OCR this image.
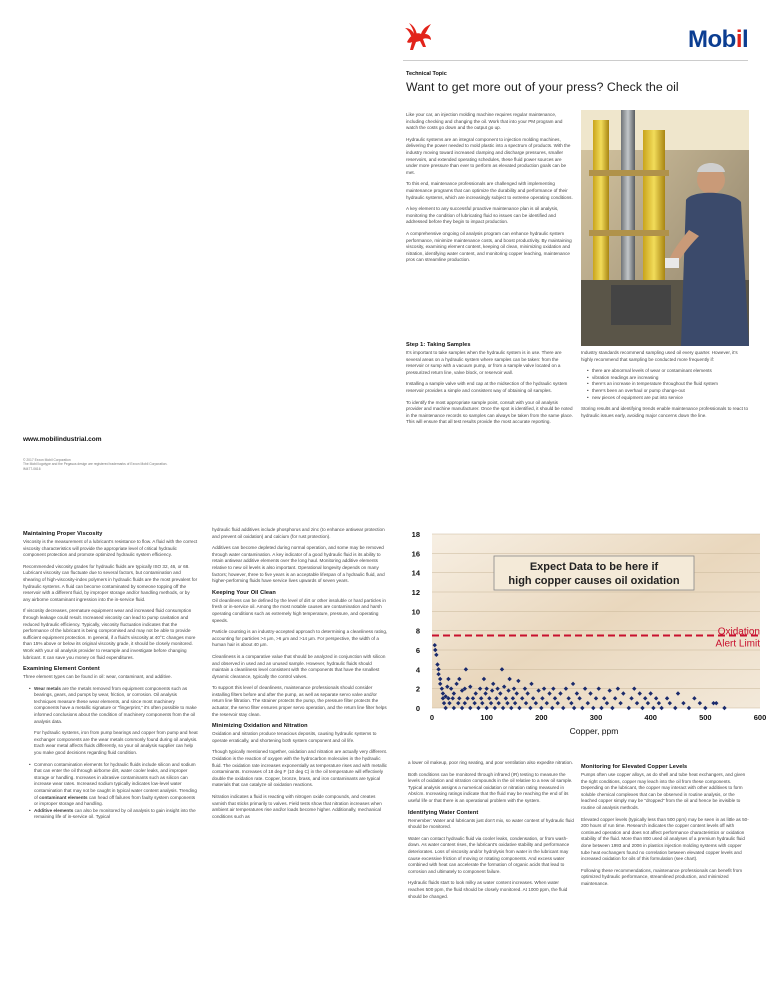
Mobil
Technical Topic
Want to get more out of your press? Check the oil

Like your car, an injection molding machine requires regular maintenance, including checking and changing the oil. Work that into your PM program and watch the costs go down and the output go up.

Hydraulic systems are an integral component to injection molding machines, delivering the power needed to mold plastic into a spectrum of products. With the industry moving toward increased clamping and discharge pressures, smaller reservoirs, and extended operating schedules, these fluid power sources are under more pressure than ever to perform as elevated production goals can be met.

To this end, maintenance professionals are challenged with implementing maintenance programs that can optimize the durability and performance of their hydraulic systems, which are increasingly subject to extreme operating conditions.

A key element to any successful proactive maintenance plan is oil analysis, monitoring the condition of lubricating fluid so issues can be identified and addressed before they begin to impact production.

A comprehensive ongoing oil analysis program can enhance hydraulic system performance, minimize maintenance costs, and boost productivity. By maintaining viscosity, examining element content, keeping oil clean, minimizing oxidation and nitration, identifying water content, and monitoring copper leaching, maintenance pros can streamline production.

Step 1: Taking Samples

It's important to take samples when the hydraulic system is in use. There are several areas on a hydraulic system where samples can be taken: from the reservoir or sump with a vacuum pump, or from a sample valve located on a pressurized return line, valve block, or reservoir wall.

Installing a sample valve with end cap at the midsection of the hydraulic system reservoir provides a simple and consistent way of obtaining oil samples.

To identify the most appropriate sample point, consult with your oil analysis provider and machine manufacturer. Once the spot is identified, it should be noted in the maintenance records so samples can always be taken from the same place. This will ensure that all test results provide the most accurate reporting.

Industry standards recommend sampling used oil every quarter. However, it's highly recommend that sampling be conducted more frequently if:

• there are abnormal levels of wear or contaminant elements
• vibration readings are increasing
• there's an increase in temperature throughout the fluid system
• there's been an overhaul or pump change-out
• new pieces of equipment are put into service

Storing results and identifying trends enable maintenance professionals to react to hydraulic issues early, avoiding major concerns down the line.

www.mobilindustrial.com
© 2017 Exxon Mobil Corporation
The Mobil logotype and the Pegasus design are registered trademarks of Exxon Mobil Corporation.
IM477-0616
Maintaining Proper Viscosity

Viscosity is the measurement of a lubricant's resistance to flow. A fluid with the correct viscosity characteristics will provide the appropriate level of critical hydraulic component protection and promote optimized hydraulic system efficiency.

Recommended viscosity grades for hydraulic fluids are typically ISO 32, 46, or 68. Lubricant viscosity can fluctuate due to several factors, but contamination and shearing of high-viscosity-index polymers in hydraulic fluids are the most prevalent for hydraulic systems. A fluid can become contaminated by someone topping off the reservoir with a different fluid, by improper storage and/or handling methods, or by any airborne contaminant ingression into the in-service fluid.

If viscosity decreases, premature equipment wear and increased fluid consumption through leakage could result. Increased viscosity can lead to pump cavitation and reduced hydraulic efficiency. Typically, viscosity fluctuation indicates that the performance of the lubricant is being compromised and may not be able to provide sufficient equipment protection. In general, if a fluid's viscosity at 40°C changes more than 15% above or below its original viscosity grade, it should be closely monitored. Work with your oil analysis provider to resample and investigate before changing lubricant. It can save you money on fluid expenditures.

Examining Element Content

Three element types can be found in oil: wear, contaminant, and additive.

• Wear metals are the metals removed from equipment components such as bearings, gears, and pumps by wear, friction, or corrosion. Oil analysis techniques measure these wear elements, and since most machinery components have a metallic signature or "fingerprint," it's often possible to make informed conclusions about the condition of machinery components from the oil analysis data.

For hydraulic systems, iron from pump bearings and copper from pump and heat exchanger components are the wear metals commonly found during oil analysis. Each wear metal affects fluids differently, so your oil analysis supplier can help you make good decisions regarding fluid condition.

• Common contamination elements for hydraulic fluids include silicon and sodium that can enter the oil through airborne dirt, water cooler leaks, and improper storage or handling. Increases in abrasive contaminants such as silicon can increase wear rates. Increased sodium typically indicates low-level water contamination that may not be caught in typical water content analysis. Trending of contaminant elements can head off failures from faulty system components or improper storage and handling.
• Additive elements can also be monitored by oil analysis to gain insight into the remaining life of in-service oil. Typical

hydraulic fluid additives include phosphorus and zinc (to enhance antiwear protection and prevent oil oxidation) and calcium (for rust protection).

Additives can become depleted during normal operation, and some may be removed through water contamination. A key indicator of a good hydraulic fluid is its ability to retain antiwear additive elements over the long haul. Monitoring additive elements relative to new oil levels is also important. Operational longevity depends on many factors; however, three to five years is an acceptable lifespan of a hydraulic fluid, and higher-performing fluids have service lives upwards of seven years.

Keeping Your Oil Clean

Oil cleanliness can be defined by the level of dirt or other insoluble or hard particles in fresh or in-service oil. Among the most notable causes are contamination and harsh operating conditions such as extremely high temperature, pressure, and operating speeds.

Particle counting is an industry-accepted approach to determining a cleanliness rating, accounting for particles >4 µm, >6 µm and >14 µm. For perspective, the width of a human hair is about 40 µm.

Cleanliness is a comparative value that should be analyzed in conjunction with silicon and observed in used and an unused sample. However, hydraulic fluids should maintain a cleanliness level consistent with the components that have the smallest dynamic clearance, typically the control valves.

To support this level of cleanliness, maintenance professionals should consider installing filters before and after the pump, as well as separate servo valve and/or return line filtration. The strainer protects the pump, the pressure filter protects the actuator, the servo filter ensures proper servo operation, and the return line filter helps the reservoir stay clean.

Minimizing Oxidation and Nitration

Oxidation and nitration produce tenacious deposits, causing hydraulic systems to operate erratically, and shortening both system component and oil life.

Though typically mentioned together, oxidation and nitration are actually very different. Oxidation is the reaction of oxygen with the hydrocarbon molecules in the hydraulic fluid. The oxidation rate increases exponentially as temperature rises and with metallic contaminants. Increases of 18 deg F (10 deg C) in the oil temperature will effectively double the oxidation rate. Copper, bronze, brass, and iron contaminants are typical materials that can catalyze oil oxidation reactions.

Nitration indicates a fluid is reacting with nitrogen oxide compounds, and creates varnish that sticks primarily to valves. Field tests show that nitration increases when ambient air temperatures rise and/or loads become higher. Additionally, mechanical conditions such as

0
2
4
6
8
10
12
14
16
18
0	100	200	300	400	500	600
Oxidation
Alert Limit
Expect Data to be here if
high copper causes oil oxidation
Copper, ppm

a lower oil makeup, poor ring seating, and poor ventilation also expedite nitration.

Both conditions can be monitored through infrared (IR) testing to measure the levels of oxidation and nitration compounds in the oil relative to a new oil sample. Typical analysis assigns a numerical oxidation or nitration rating measured in Abs/cm. Increasing ratings indicate that the fluid may be reaching the end of its useful life or that there is an operational problem with the system.

Identifying Water Content

Remember: Water and lubricants just don't mix, so water content of hydraulic fluid should be monitored.

Water can contact hydraulic fluid via cooler leaks, condensation, or from wash-down. As water content rises, the lubricant's oxidative stability and performance deteriorates. Loss of viscosity and/or hydrolysis from water in the lubricant may cause excessive friction of moving or rotating components. And excess water combined with heat can accelerate the formation of organic acids that lead to corrosion and ultimately to component failure.

Hydraulic fluids start to look milky as water content increases. When water reaches 500 ppm, the fluid should be closely monitored. At 1000 ppm, the fluid should be changed.

Monitoring for Elevated Copper Levels

Pumps often use copper alloys, as do shell and tube heat exchangers, and given the right conditions, copper may leach into the oil from these components. Depending on the lubricant, the copper may interact with other additives to form soluble chemical complexes that can be observed in routine analysis, or the leached copper simply may be "dropped" from the oil and hence be invisible to routine oil analysis methods.

Elevated copper levels (typically less than 500 ppm) may be seen in as little as 50-200 hours of run time. Research indicates the copper content levels off with continued operation and does not affect performance characteristics or oxidation stability of the fluid. More than 800 used oil analyses of a premium hydraulic fluid done between 1993 and 2006 in plastics injection molding systems with copper tube heat exchangers found no correlation between elevated copper levels and increased oxidation for oils of this formulation (see chart).

Following these recommendations, maintenance professionals can benefit from optimized hydraulic performance, streamlined production, and minimized maintenance.
